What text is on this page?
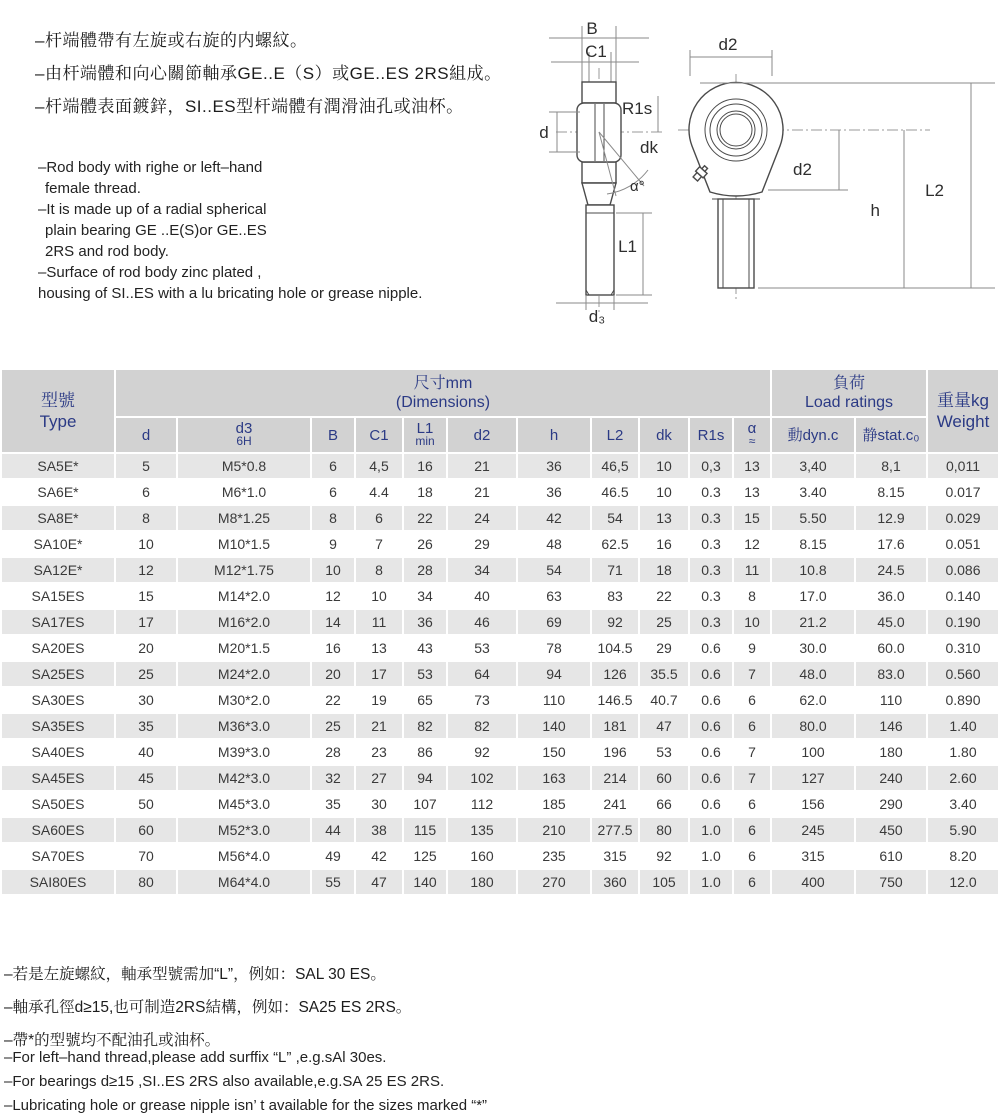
–杆端體帶有左旋或右旋的内螺紋。
–由杆端體和向心關節軸承GE..E（S）或GE..ES 2RS組成。
–杆端體表面鍍鋅，SI..ES型杆端體有潤滑油孔或油杯。
–Rod body with righe or left–hand
female thread.
–It is made up of a radial spherical
plain bearing GE ..E(S)or GE..ES
2RS and rod body.
–Surface of rod body zinc plated ,
housing of SI..ES with a lu bricating hole or grease nipple.
B
C1
d
R1s
dk
α°
L1
d₃
d2
d2
h
L2
型號
Type	尺寸mm
(Dimensions)											負荷
Load ratings		重量kg
Weight
	d	d3
6H	B	C1	L1
min	d2	h	L2	dk	R1s	α
≈	動dyn.c	静stat.c₀	
SA5E*	5	M5*0.8	6	4,5	16	21	36	46,5	10	0,3	13	3,40	8,1	0,011
SA6E*	6	M6*1.0	6	4.4	18	21	36	46.5	10	0.3	13	3.40	8.15	0.017
SA8E*	8	M8*1.25	8	6	22	24	42	54	13	0.3	15	5.50	12.9	0.029
SA10E*	10	M10*1.5	9	7	26	29	48	62.5	16	0.3	12	8.15	17.6	0.051
SA12E*	12	M12*1.75	10	8	28	34	54	71	18	0.3	11	10.8	24.5	0.086
SA15ES	15	M14*2.0	12	10	34	40	63	83	22	0.3	8	17.0	36.0	0.140
SA17ES	17	M16*2.0	14	11	36	46	69	92	25	0.3	10	21.2	45.0	0.190
SA20ES	20	M20*1.5	16	13	43	53	78	104.5	29	0.6	9	30.0	60.0	0.310
SA25ES	25	M24*2.0	20	17	53	64	94	126	35.5	0.6	7	48.0	83.0	0.560
SA30ES	30	M30*2.0	22	19	65	73	110	146.5	40.7	0.6	6	62.0	110	0.890
SA35ES	35	M36*3.0	25	21	82	82	140	181	47	0.6	6	80.0	146	1.40
SA40ES	40	M39*3.0	28	23	86	92	150	196	53	0.6	7	100	180	1.80
SA45ES	45	M42*3.0	32	27	94	102	163	214	60	0.6	7	127	240	2.60
SA50ES	50	M45*3.0	35	30	107	112	185	241	66	0.6	6	156	290	3.40
SA60ES	60	M52*3.0	44	38	115	135	210	277.5	80	1.0	6	245	450	5.90
SA70ES	70	M56*4.0	49	42	125	160	235	315	92	1.0	6	315	610	8.20
SAI80ES	80	M64*4.0	55	47	140	180	270	360	105	1.0	6	400	750	12.0
–若是左旋螺紋，軸承型號需加“L”，例如：SAL 30 ES。
–軸承孔徑d≥15,也可制造2RS結構，例如：SA25 ES 2RS。
–帶*的型號均不配油孔或油杯。
–For left–hand thread,please add surffix “L” ,e.g.sAl 30es.
–For bearings d≥15 ,SI..ES 2RS also available,e.g.SA 25 ES 2RS.
–Lubricating hole or grease nipple isn’ t available for the sizes marked “*”
